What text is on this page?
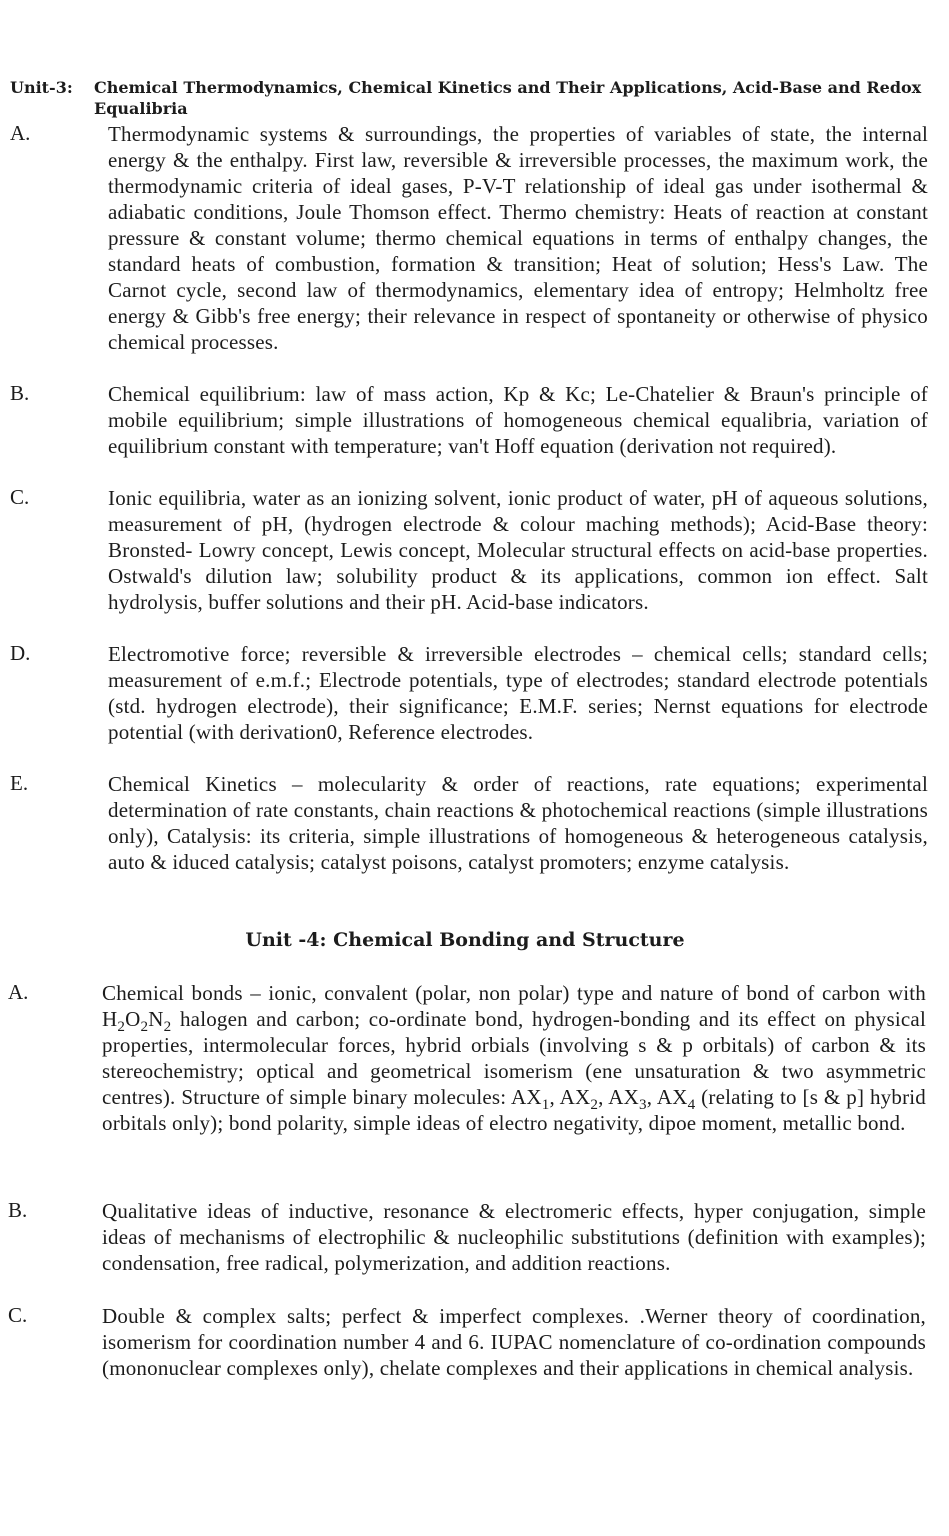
Unit-3: Chemical Thermodynamics, Chemical Kinetics and Their Applications, Acid-Base and Redox Equalibria
A.	Thermodynamic systems & surroundings, the properties of variables of state, the internal energy & the enthalpy. First law, reversible & irreversible processes, the maximum work, the thermodynamic criteria of ideal gases, P-V-T relationship of ideal gas under isothermal & adiabatic conditions, Joule Thomson effect. Thermo chemistry: Heats of reaction at constant pressure & constant volume; thermo chemical equations in terms of enthalpy changes, the standard heats of combustion, formation & transition; Heat of solution; Hess's Law. The Carnot cycle, second law of thermodynamics, elementary idea of entropy; Helmholtz free energy & Gibb's free energy; their relevance in respect of spontaneity or otherwise of physico chemical processes.
B.	Chemical equilibrium: law of mass action, Kp & Kc; Le-Chatelier & Braun's principle of mobile equilibrium; simple illustrations of homogeneous chemical equalibria, variation of equilibrium constant with temperature; van't Hoff equation (derivation not required).
C.	Ionic equilibria, water as an ionizing solvent, ionic product of water, pH of aqueous solutions, measurement of pH, (hydrogen electrode & colour maching methods); Acid-Base theory: Bronsted- Lowry concept, Lewis concept, Molecular structural effects on acid-base properties. Ostwald's dilution law; solubility product & its applications, common ion effect. Salt hydrolysis, buffer solutions and their pH. Acid-base indicators.
D.	Electromotive force; reversible & irreversible electrodes – chemical cells; standard cells; measurement of e.m.f.; Electrode potentials, type of electrodes; standard electrode potentials (std. hydrogen electrode), their significance; E.M.F. series; Nernst equations for electrode potential (with derivation0, Reference electrodes.
E.	Chemical Kinetics – molecularity & order of reactions, rate equations; experimental determination of rate constants, chain reactions & photochemical reactions (simple illustrations only), Catalysis: its criteria, simple illustrations of homogeneous & heterogeneous catalysis, auto & iduced catalysis; catalyst poisons, catalyst promoters; enzyme catalysis.
Unit -4: Chemical Bonding and Structure
A.	Chemical bonds – ionic, convalent (polar, non polar) type and nature of bond of carbon with $H_2O_2N_2$ halogen and carbon; co-ordinate bond, hydrogen-bonding and its effect on physical properties, intermolecular forces, hybrid orbials (involving s & p orbitals) of carbon & its stereochemistry; optical and geometrical isomerism (ene unsaturation & two asymmetric centres). Structure of simple binary molecules: $AX_1$, $AX_2$, $AX_3$, $AX_4$ (relating to [s & p] hybrid orbitals only); bond polarity, simple ideas of electro negativity, dipoe moment, metallic bond.
B.	Qualitative ideas of inductive, resonance & electromeric effects, hyper conjugation, simple ideas of mechanisms of electrophilic & nucleophilic substitutions (definition with examples); condensation, free radical, polymerization, and addition reactions.
C.	Double & complex salts; perfect & imperfect complexes. .Werner theory of coordination, isomerism for coordination number 4 and 6. IUPAC nomenclature of co-ordination compounds (mononuclear complexes only), chelate complexes and their applications in chemical analysis.
